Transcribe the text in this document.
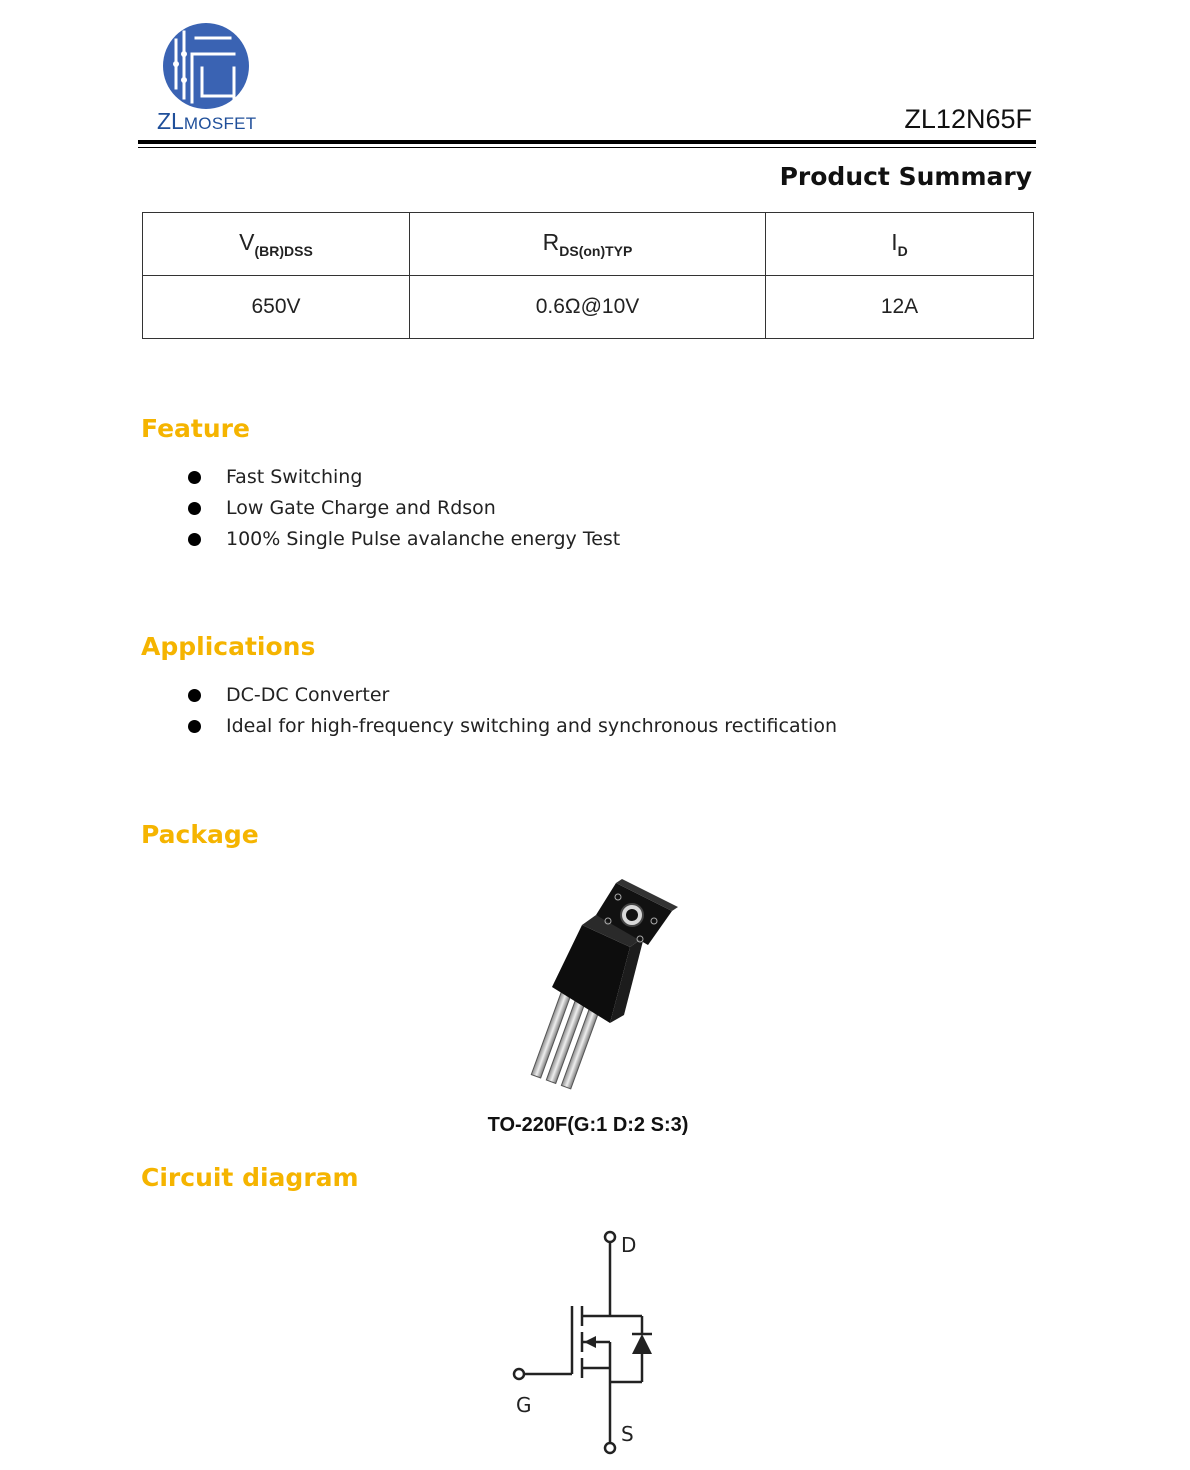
ZLMOSFET	ZL12N65F
Product Summary
$V_{(BR)DSS}$	$R_{DS(on)TYP}$	$I_D$
650V	0.6Ω@10V	12A
Feature
Fast Switching
Low Gate Charge and Rdson
100% Single Pulse avalanche energy Test
Applications
DC-DC Converter
Ideal for high-frequency switching and synchronous rectification
Package
TO-220F(G:1 D:2 S:3)
Circuit diagram
D
G
S
